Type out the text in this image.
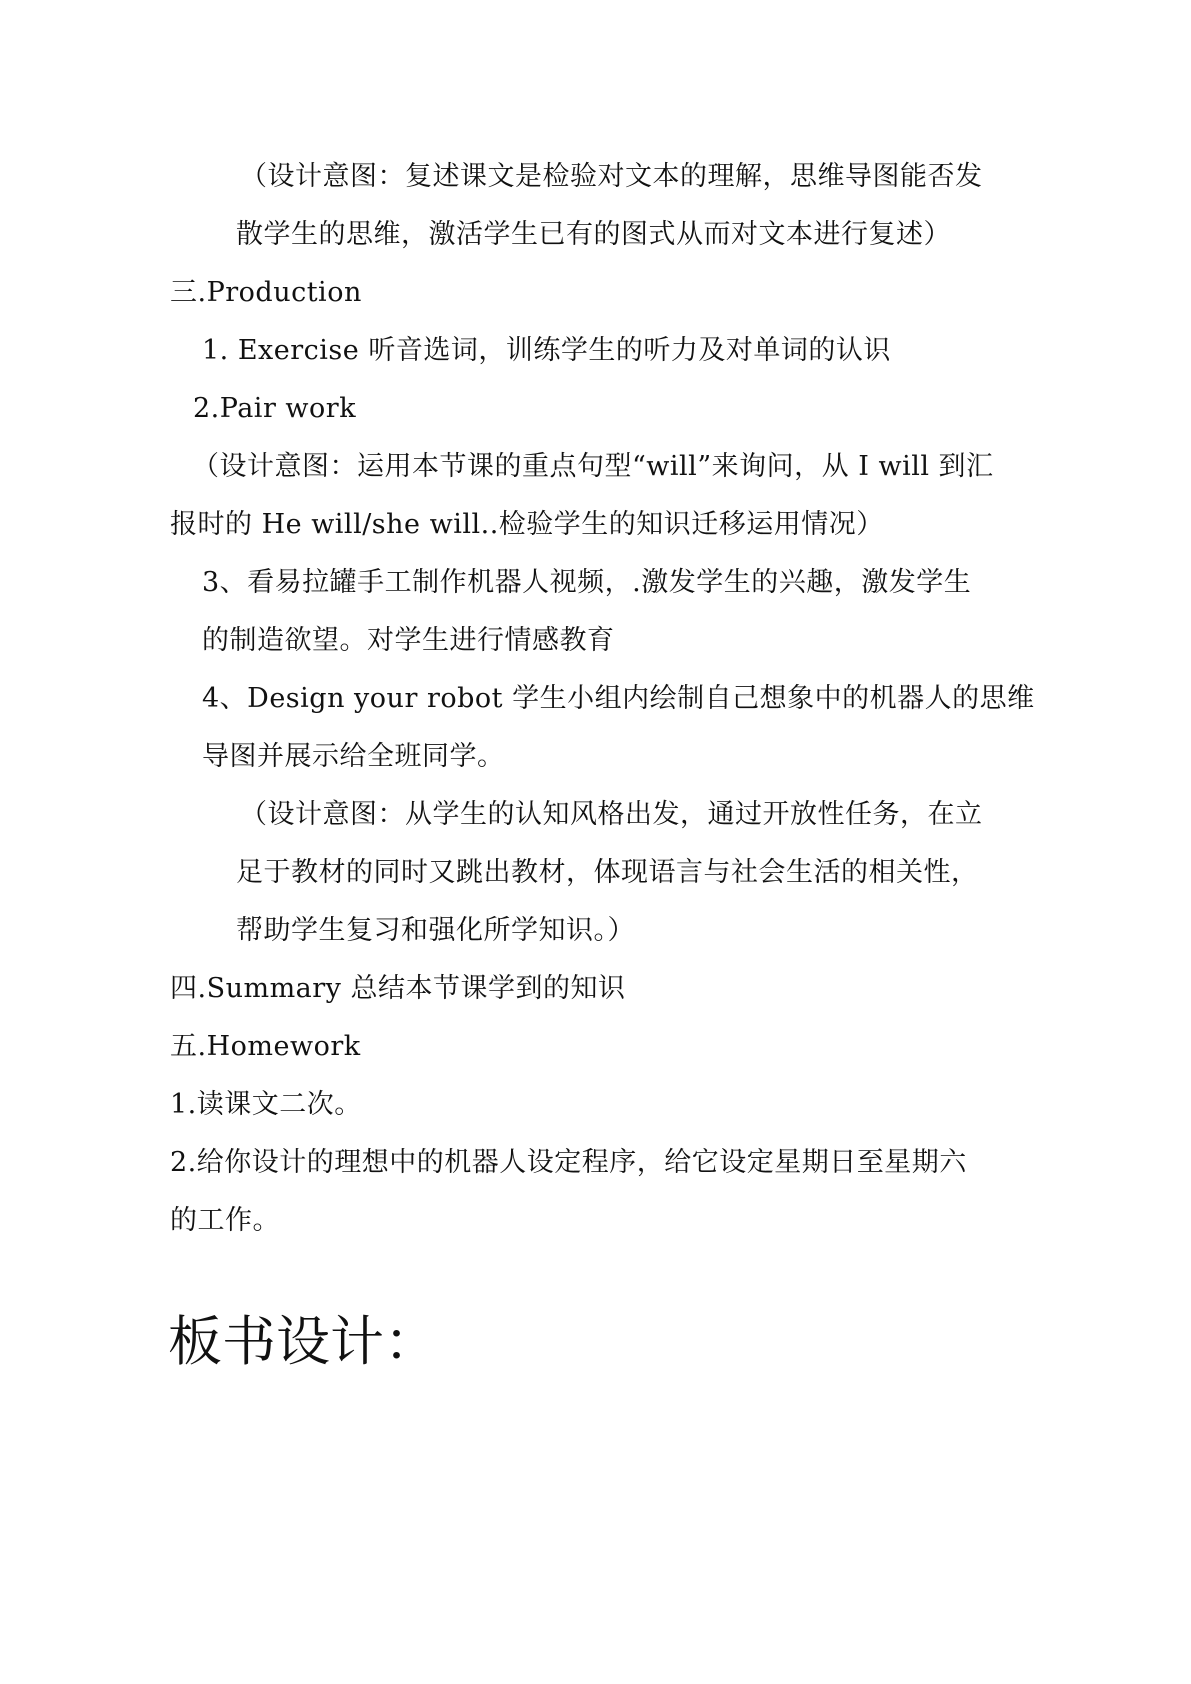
（设计意图：复述课文是检验对文本的理解，思维导图能否发
散学生的思维，激活学生已有的图式从而对文本进行复述）
三.Production
1. Exercise 听音选词，训练学生的听力及对单词的认识
2.Pair work
（设计意图：运用本节课的重点句型“will”来询问，从 I will 到汇
报时的 He will/she will..检验学生的知识迁移运用情况）
3、看易拉罐手工制作机器人视频，.激发学生的兴趣，激发学生
的制造欲望。对学生进行情感教育
4、Design your robot 学生小组内绘制自己想象中的机器人的思维
导图并展示给全班同学。
（设计意图：从学生的认知风格出发，通过开放性任务，在立
足于教材的同时又跳出教材，体现语言与社会生活的相关性，
帮助学生复习和强化所学知识。）
四.Summary 总结本节课学到的知识
五.Homework
1.读课文二次。
2.给你设计的理想中的机器人设定程序，给它设定星期日至星期六
的工作。
板书设计：
